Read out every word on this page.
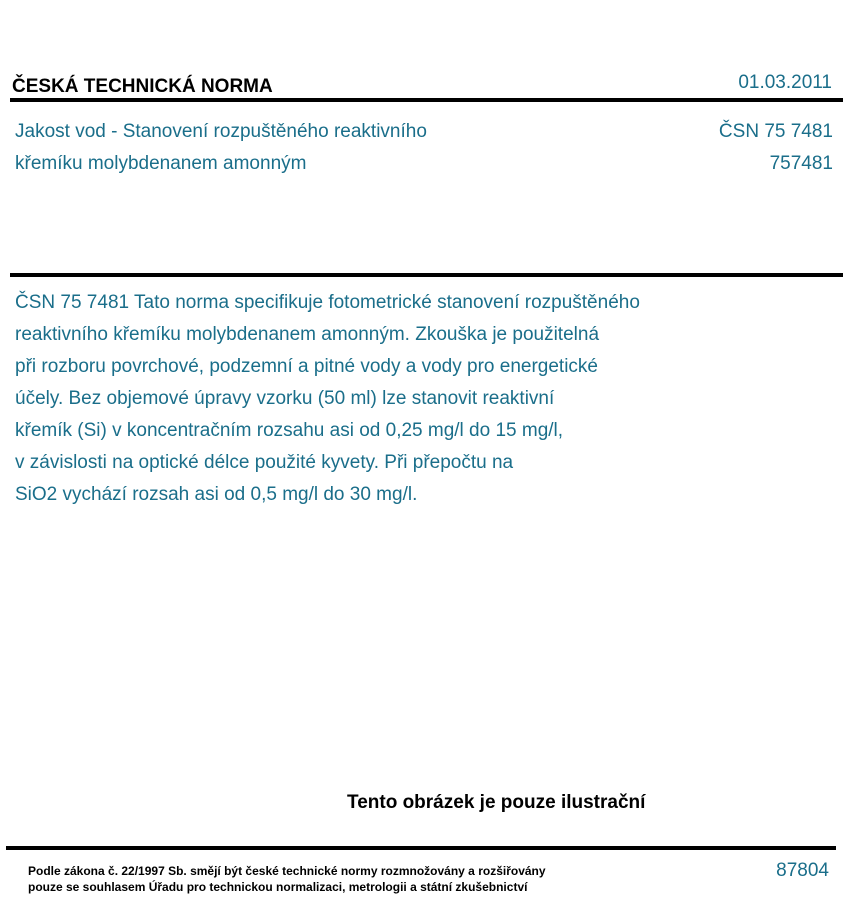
ČESKÁ TECHNICKÁ NORMA	01.03.2011
Jakost vod - Stanovení rozpuštěného reaktivního	ČSN 75 7481
křemíku molybdenanem amonným	757481
ČSN 75 7481 Tato norma specifikuje fotometrické stanovení rozpuštěného
reaktivního křemíku molybdenanem amonným. Zkouška je použitelná
při rozboru povrchové, podzemní a pitné vody a vody pro energetické
účely. Bez objemové úpravy vzorku (50 ml) lze stanovit reaktivní
křemík (Si) v koncentračním rozsahu asi od 0,25 mg/l do 15 mg/l,
v závislosti na optické délce použité kyvety. Při přepočtu na
SiO2 vychází rozsah asi od 0,5 mg/l do 30 mg/l.
Tento obrázek je pouze ilustrační
Podle zákona č. 22/1997 Sb. smějí být české technické normy rozmnožovány a rozšiřovány
pouze se souhlasem Úřadu pro technickou normalizaci, metrologii a státní zkušebnictví
87804
